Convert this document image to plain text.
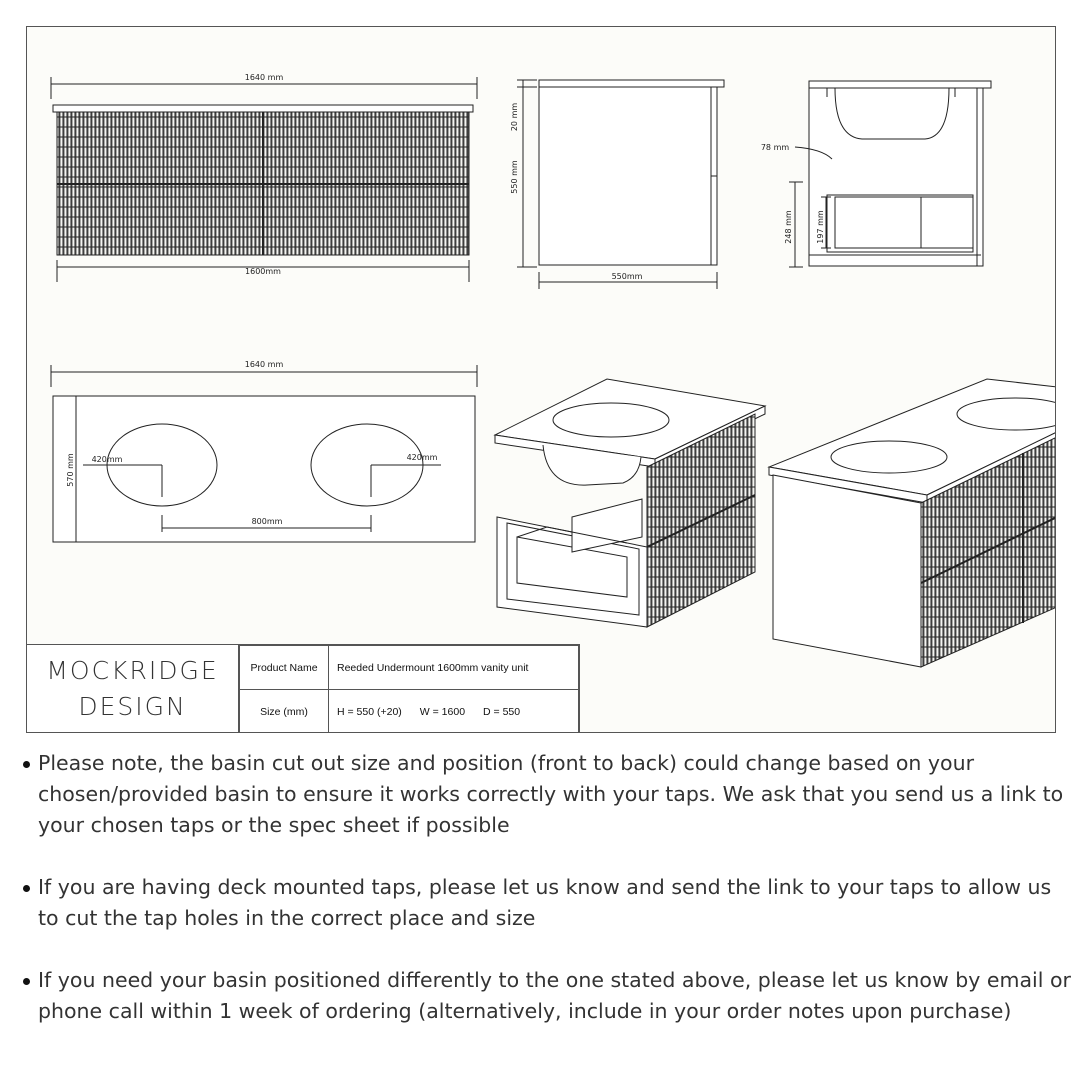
1640 mm
1600mm
20 mm
550 mm
550mm
78 mm
248 mm	197 mm
1640 mm
570 mm 420mm	420mm
800mm
MOCKRIDGE
DESIGN
Product Name	Reeded Undermount 1600mm vanity unit
Size (mm)	H = 550 (+20) W = 1600 D = 550
Please note, the basin cut out size and position (front to back) could change based on your chosen/provided basin to ensure it works correctly with your taps. We ask that you send us a link to your chosen taps or the spec sheet if possible
If you are having deck mounted taps, please let us know and send the link to your taps to allow us to cut the tap holes in the correct place and size
If you need your basin positioned differently to the one stated above, please let us know by email or phone call within 1 week of ordering (alternatively, include in your order notes upon purchase)
